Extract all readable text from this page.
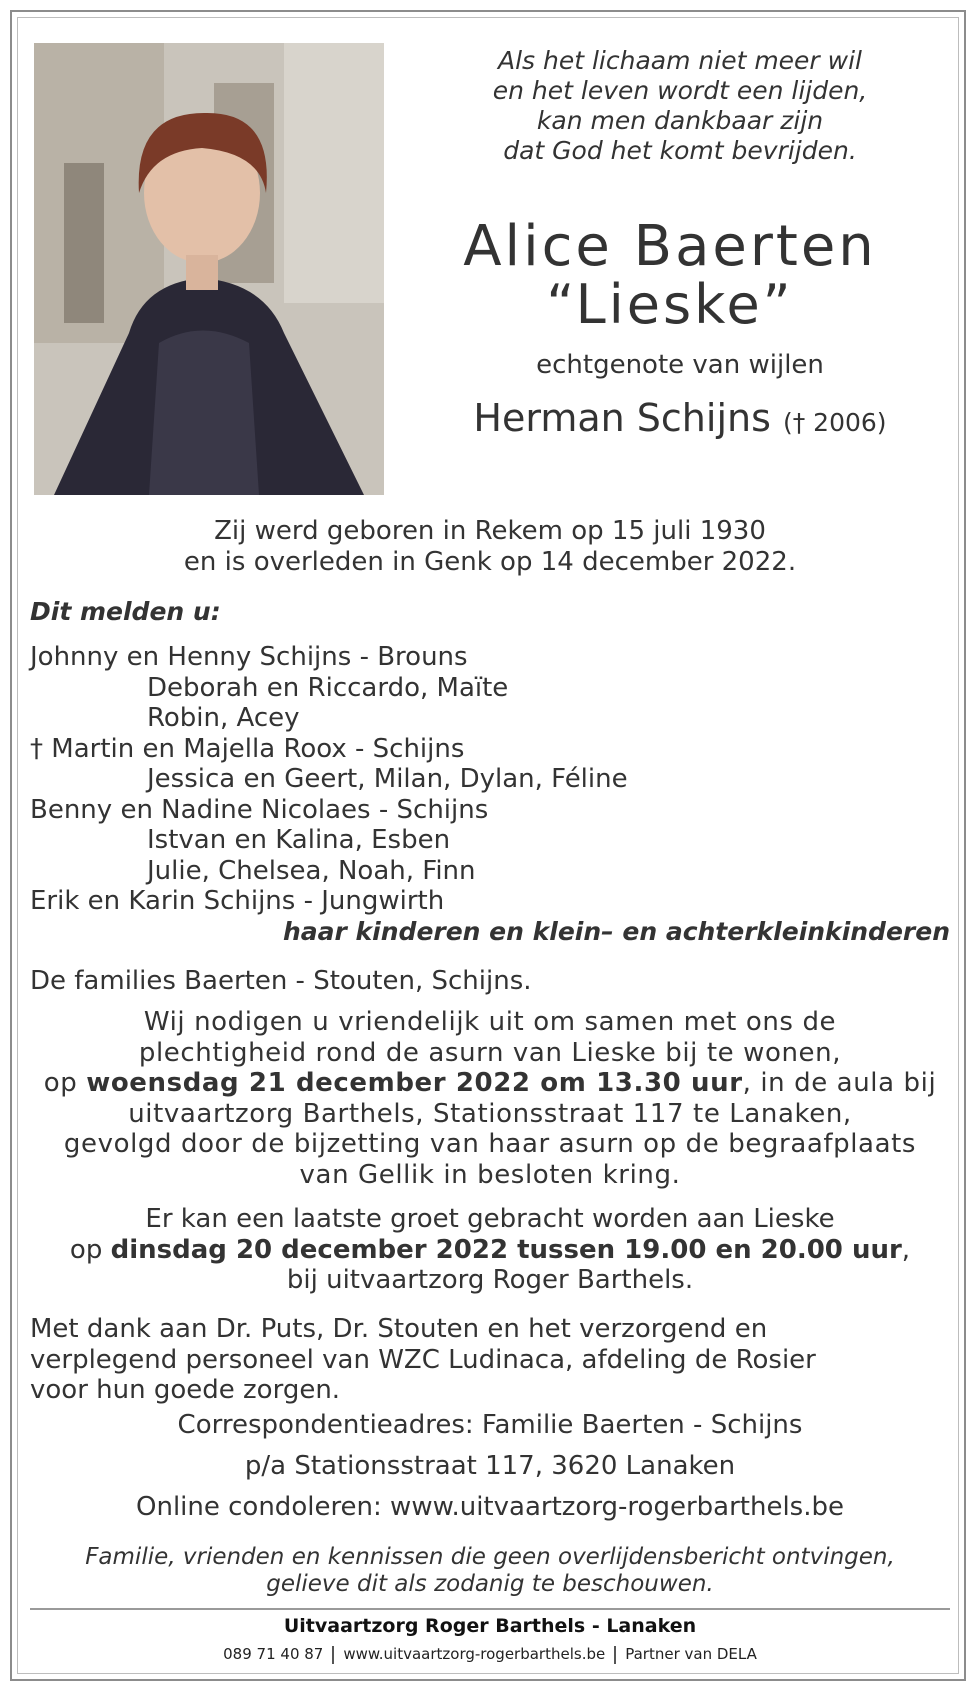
Als het lichaam niet meer wil
en het leven wordt een lijden,
kan men dankbaar zijn
dat God het komt bevrijden.
Alice Baerten
“Lieske”
echtgenote van wijlen
Herman Schijns († 2006)
Zij werd geboren in Rekem op 15 juli 1930
en is overleden in Genk op 14 december 2022.
Dit melden u:
Johnny en Henny Schijns - Brouns
Deborah en Riccardo, Maïte
Robin, Acey
† Martin en Majella Roox - Schijns
Jessica en Geert, Milan, Dylan, Féline
Benny en Nadine Nicolaes - Schijns
Istvan en Kalina, Esben
Julie, Chelsea, Noah, Finn
Erik en Karin Schijns - Jungwirth
haar kinderen en klein– en achterkleinkinderen
De families Baerten - Stouten, Schijns.
Wij nodigen u vriendelijk uit om samen met ons de
plechtigheid rond de asurn van Lieske bij te wonen,
op woensdag 21 december 2022 om 13.30 uur, in de aula bij
uitvaartzorg Barthels, Stationsstraat 117 te Lanaken,
gevolgd door de bijzetting van haar asurn op de begraafplaats
van Gellik in besloten kring.
Er kan een laatste groet gebracht worden aan Lieske
op dinsdag 20 december 2022 tussen 19.00 en 20.00 uur,
bij uitvaartzorg Roger Barthels.
Met dank aan Dr. Puts, Dr. Stouten en het verzorgend en
verplegend personeel van WZC Ludinaca, afdeling de Rosier
voor hun goede zorgen.
Correspondentieadres: Familie Baerten - Schijns
p/a Stationsstraat 117, 3620 Lanaken
Online condoleren: www.uitvaartzorg-rogerbarthels.be
Familie, vrienden en kennissen die geen overlijdensbericht ontvingen,
gelieve dit als zodanig te beschouwen.
Uitvaartzorg Roger Barthels - Lanaken
089 71 40 87 www.uitvaartzorg-rogerbarthels.be Partner van DELA
